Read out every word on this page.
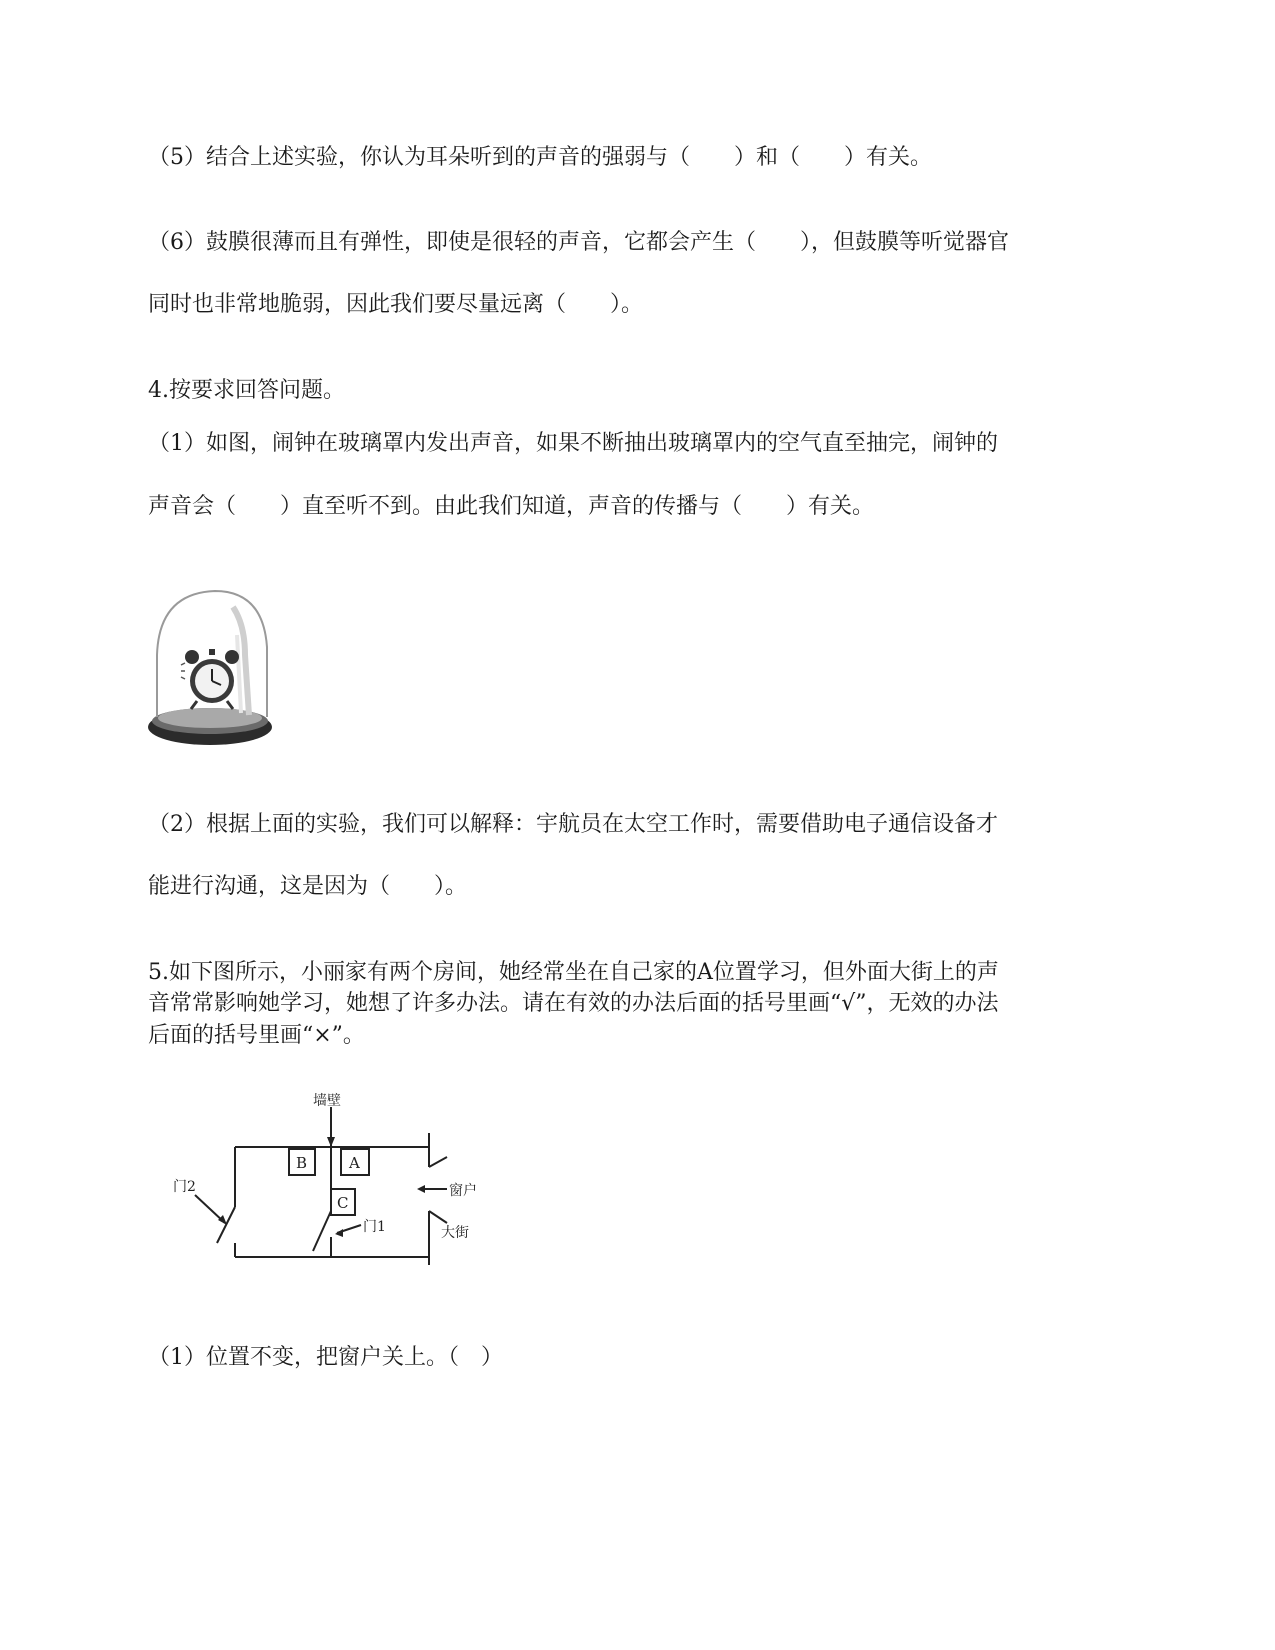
（5）结合上述实验，你认为耳朵听到的声音的强弱与（　　）和（　　）有关。
（6）鼓膜很薄而且有弹性，即使是很轻的声音，它都会产生（　　），但鼓膜等听觉器官
同时也非常地脆弱，因此我们要尽量远离（　　）。
4.按要求回答问题。
（1）如图，闹钟在玻璃罩内发出声音，如果不断抽出玻璃罩内的空气直至抽完，闹钟的
声音会（　　）直至听不到。由此我们知道，声音的传播与（　　）有关。
（2）根据上面的实验，我们可以解释：宇航员在太空工作时，需要借助电子通信设备才
能进行沟通，这是因为（　　）。
5.如下图所示，小丽家有两个房间，她经常坐在自己家的A位置学习，但外面大街上的声
音常常影响她学习，她想了许多办法。请在有效的办法后面的括号里画“√”，无效的办法
后面的括号里画“×”。
墙壁
B	A
C
门2
门1
窗户
大街
（1）位置不变，把窗户关上。（　）
